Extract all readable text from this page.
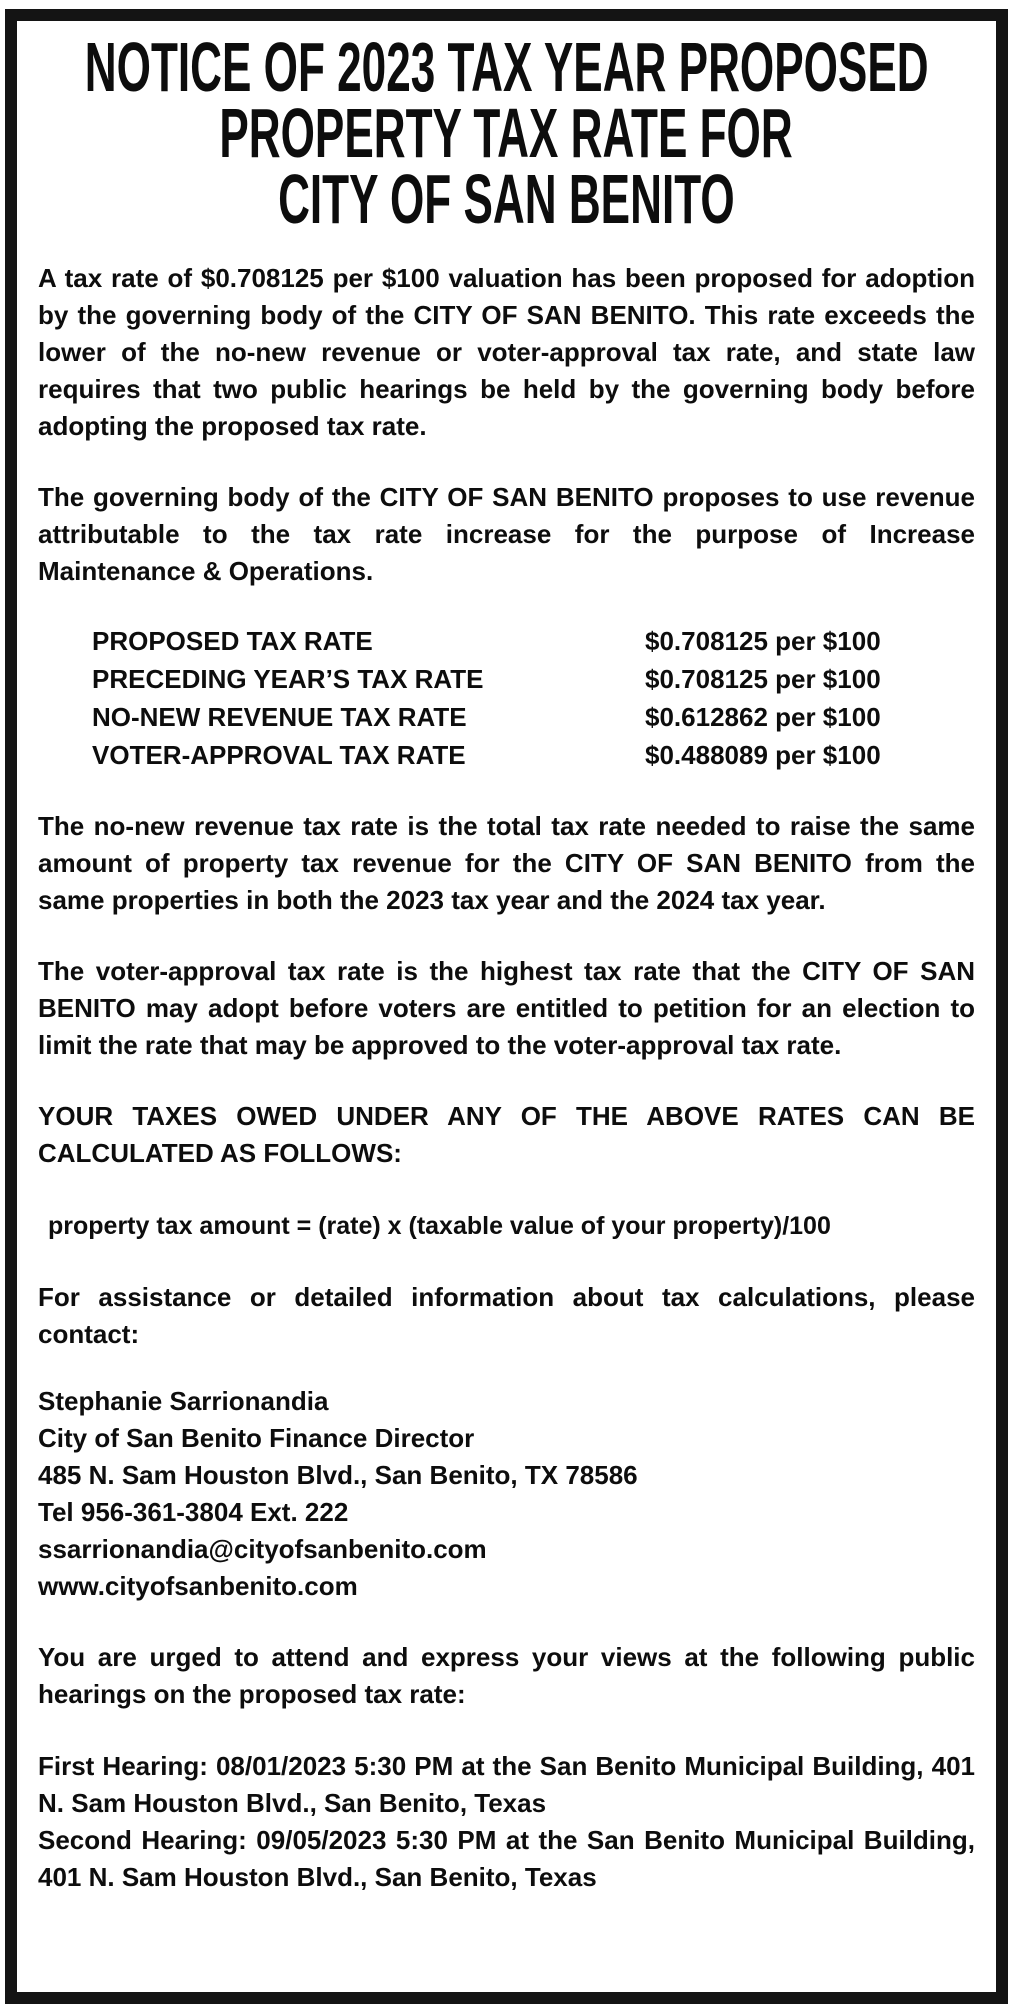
NOTICE OF 2023 TAX YEAR PROPOSED
PROPERTY TAX RATE FOR
CITY OF SAN BENITO

A tax rate of $0.708125 per $100 valuation has been proposed for adoption by the governing body of the CITY OF SAN BENITO. This rate exceeds the lower of the no-new revenue or voter-approval tax rate, and state law requires that two public hearings be held by the governing body before adopting the proposed tax rate.

The governing body of the CITY OF SAN BENITO proposes to use revenue attributable to the tax rate increase for the purpose of Increase Maintenance & Operations.

PROPOSED TAX RATE	$0.708125 per $100
PRECEDING YEAR’S TAX RATE	$0.708125 per $100
NO-NEW REVENUE TAX RATE	$0.612862 per $100
VOTER-APPROVAL TAX RATE	$0.488089 per $100

The no-new revenue tax rate is the total tax rate needed to raise the same amount of property tax revenue for the CITY OF SAN BENITO from the same properties in both the 2023 tax year and the 2024 tax year.

The voter-approval tax rate is the highest tax rate that the CITY OF SAN BENITO may adopt before voters are entitled to petition for an election to limit the rate that may be approved to the voter-approval tax rate.

YOUR TAXES OWED UNDER ANY OF THE ABOVE RATES CAN BE CALCULATED AS FOLLOWS:

property tax amount = (rate) x (taxable value of your property)/100

For assistance or detailed information about tax calculations, please contact:

Stephanie Sarrionandia
City of San Benito Finance Director
485 N. Sam Houston Blvd., San Benito, TX 78586
Tel 956-361-3804 Ext. 222
ssarrionandia@cityofsanbenito.com
www.cityofsanbenito.com

You are urged to attend and express your views at the following public hearings on the proposed tax rate:

First Hearing: 08/01/2023 5:30 PM at the San Benito Municipal Building, 401 N. Sam Houston Blvd., San Benito, Texas

Second Hearing: 09/05/2023 5:30 PM at the San Benito Municipal Building, 401 N. Sam Houston Blvd., San Benito, Texas
